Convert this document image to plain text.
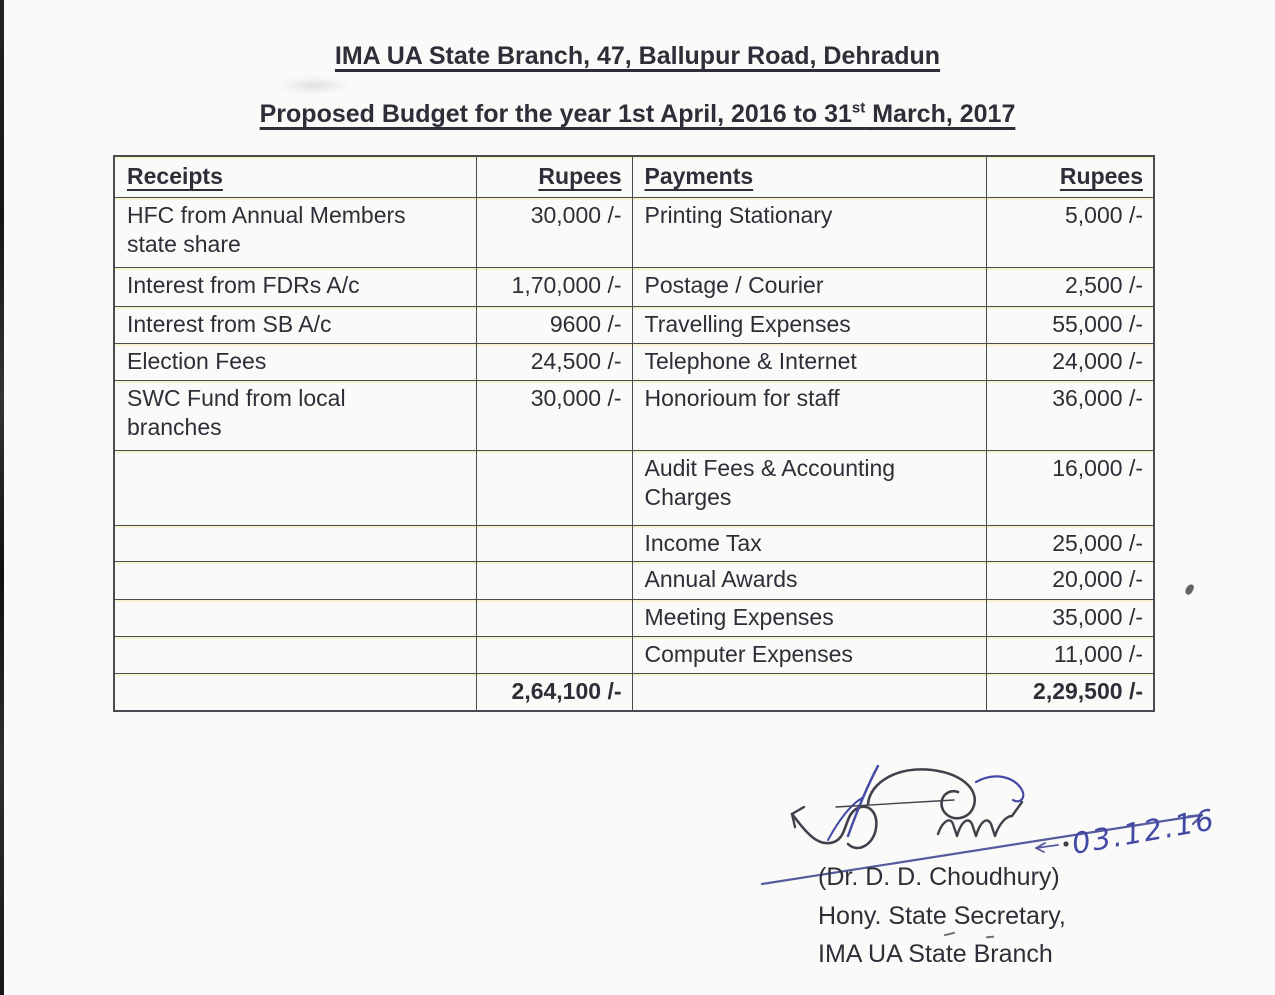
IMA UA State Branch, 47, Ballupur Road, Dehradun
Proposed Budget for the year 1st April, 2016 to 31st March, 2017
Receipts	Rupees	Payments	Rupees
HFC from Annual Members state share	30,000 /-	Printing Stationary	5,000 /-
Interest from FDRs A/c	1,70,000 /-	Postage / Courier	2,500 /-
Interest from SB A/c	9600 /-	Travelling Expenses	55,000 /-
Election Fees	24,500 /-	Telephone & Internet	24,000 /-
SWC Fund from local branches	30,000 /-	Honorioum for staff	36,000 /-
		Audit Fees & Accounting Charges	16,000 /-
		Income Tax	25,000 /-
		Annual Awards	20,000 /-
		Meeting Expenses	35,000 /-
		Computer Expenses	11,000 /-
	2,64,100 /-		2,29,500 /-
03.12.16
(Dr. D. D. Choudhury)
Hony. State Secretary,
IMA UA State Branch
